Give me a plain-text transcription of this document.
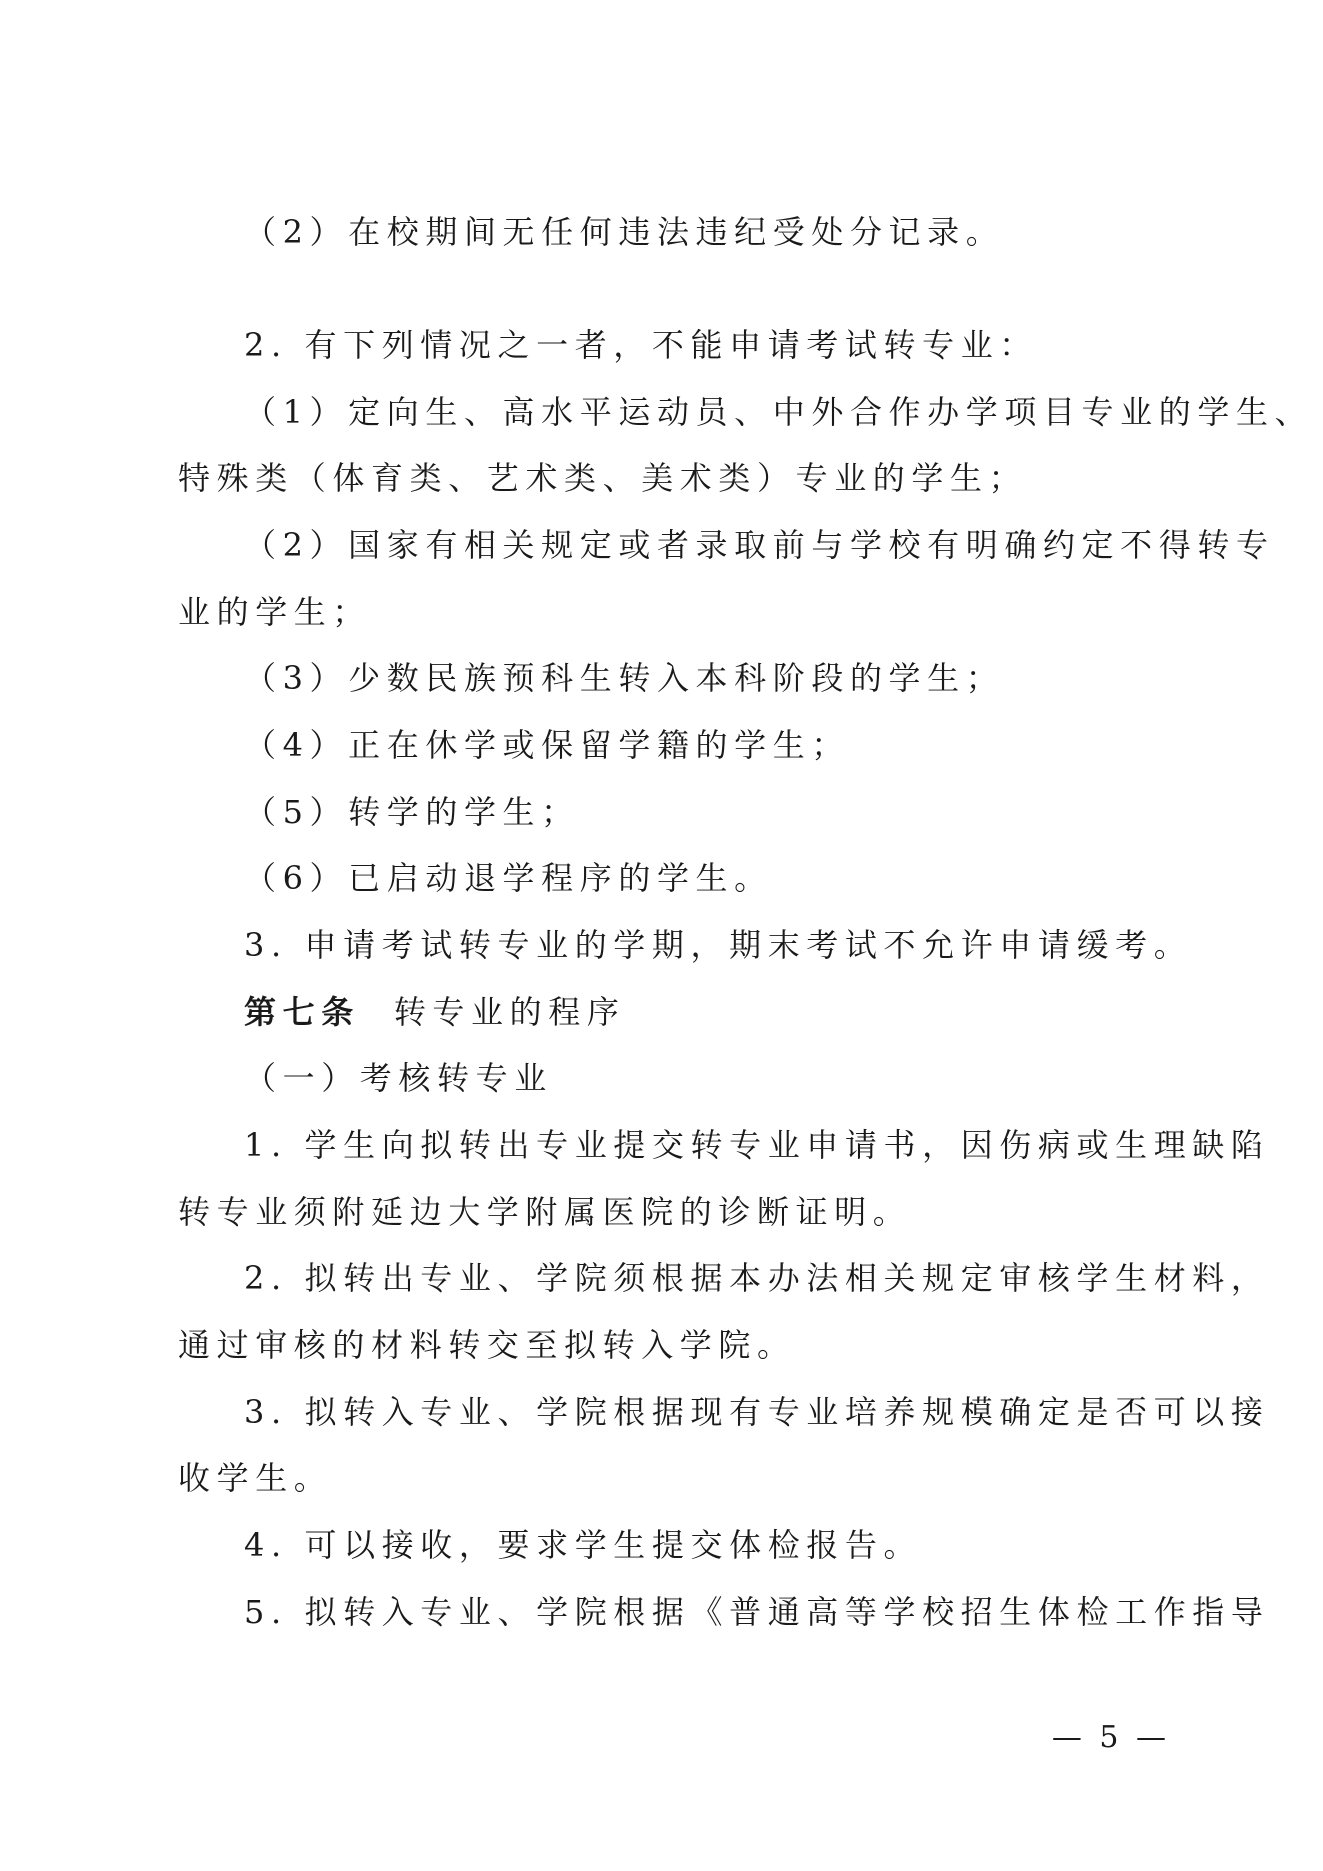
（2）在校期间无任何违法违纪受处分记录。
2. 有下列情况之一者，不能申请考试转专业：
（1）定向生、高水平运动员、中外合作办学项目专业的学生、
特殊类（体育类、艺术类、美术类）专业的学生；
（2）国家有相关规定或者录取前与学校有明确约定不得转专
业的学生；
（3）少数民族预科生转入本科阶段的学生；
（4）正在休学或保留学籍的学生；
（5）转学的学生；
（6）已启动退学程序的学生。
3. 申请考试转专业的学期，期末考试不允许申请缓考。
第七条 转专业的程序
（一）考核转专业
1. 学生向拟转出专业提交转专业申请书，因伤病或生理缺陷
转专业须附延边大学附属医院的诊断证明。
2. 拟转出专业、学院须根据本办法相关规定审核学生材料，
通过审核的材料转交至拟转入学院。
3. 拟转入专业、学院根据现有专业培养规模确定是否可以接
收学生。
4. 可以接收，要求学生提交体检报告。
5. 拟转入专业、学院根据《普通高等学校招生体检工作指导
— 5 —
